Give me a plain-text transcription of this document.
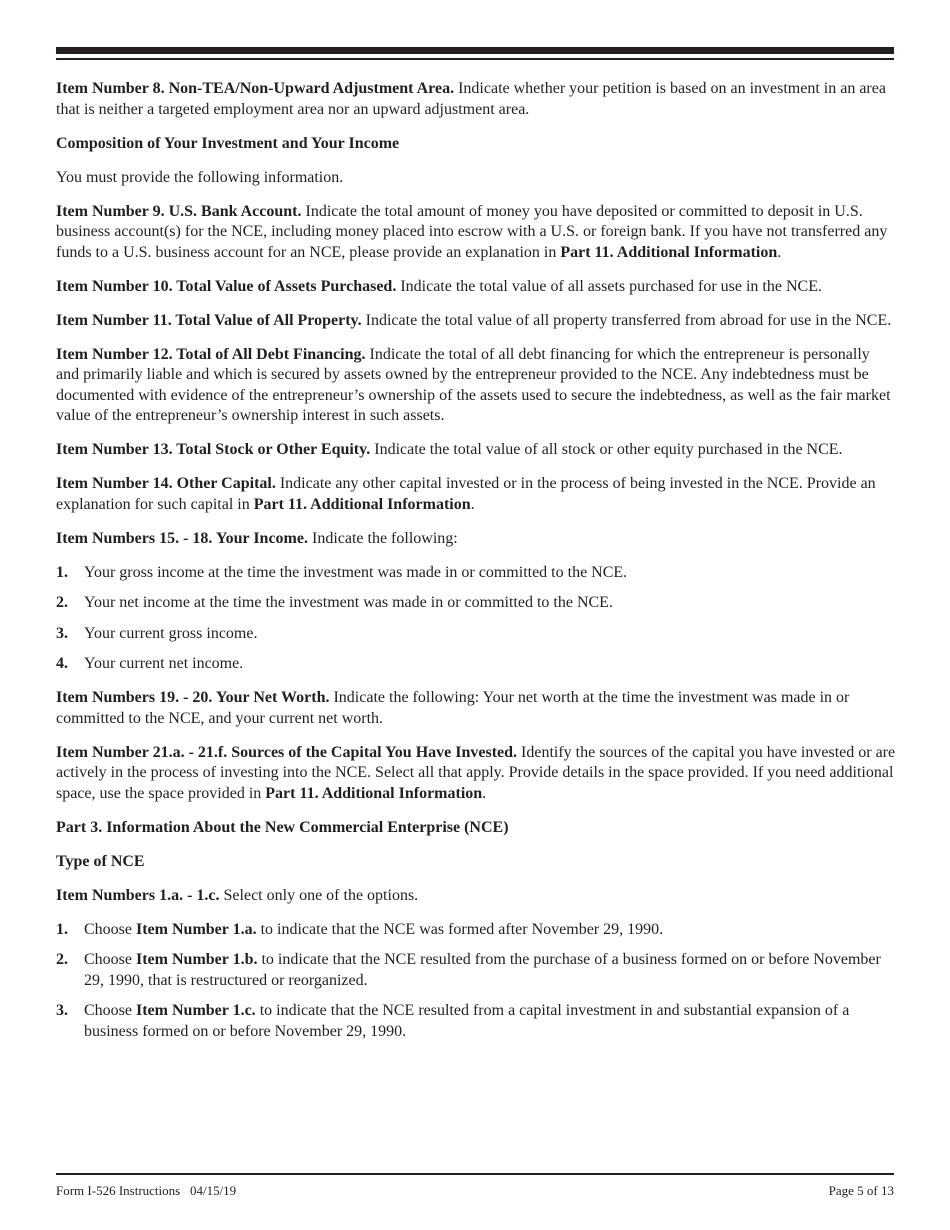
Item Number 8. Non-TEA/Non-Upward Adjustment Area. Indicate whether your petition is based on an investment in an area that is neither a targeted employment area nor an upward adjustment area.

Composition of Your Investment and Your Income

You must provide the following information.

Item Number 9. U.S. Bank Account. Indicate the total amount of money you have deposited or committed to deposit in U.S. business account(s) for the NCE, including money placed into escrow with a U.S. or foreign bank. If you have not transferred any funds to a U.S. business account for an NCE, please provide an explanation in Part 11. Additional Information.

Item Number 10. Total Value of Assets Purchased. Indicate the total value of all assets purchased for use in the NCE.

Item Number 11. Total Value of All Property. Indicate the total value of all property transferred from abroad for use in the NCE.

Item Number 12. Total of All Debt Financing. Indicate the total of all debt financing for which the entrepreneur is personally and primarily liable and which is secured by assets owned by the entrepreneur provided to the NCE. Any indebtedness must be documented with evidence of the entrepreneur’s ownership of the assets used to secure the indebtedness, as well as the fair market value of the entrepreneur’s ownership interest in such assets.

Item Number 13. Total Stock or Other Equity. Indicate the total value of all stock or other equity purchased in the NCE.

Item Number 14. Other Capital. Indicate any other capital invested or in the process of being invested in the NCE. Provide an explanation for such capital in Part 11. Additional Information.

Item Numbers 15. - 18. Your Income. Indicate the following:

1.	Your gross income at the time the investment was made in or committed to the NCE.
2.	Your net income at the time the investment was made in or committed to the NCE.
3.	Your current gross income.
4.	Your current net income.

Item Numbers 19. - 20. Your Net Worth. Indicate the following: Your net worth at the time the investment was made in or committed to the NCE, and your current net worth.

Item Number 21.a. - 21.f. Sources of the Capital You Have Invested. Identify the sources of the capital you have invested or are actively in the process of investing into the NCE. Select all that apply. Provide details in the space provided. If you need additional space, use the space provided in Part 11. Additional Information.

Part 3. Information About the New Commercial Enterprise (NCE)

Type of NCE

Item Numbers 1.a. - 1.c. Select only one of the options.

1.	Choose Item Number 1.a. to indicate that the NCE was formed after November 29, 1990.
2.	Choose Item Number 1.b. to indicate that the NCE resulted from the purchase of a business formed on or before November 29, 1990, that is restructured or reorganized.
3.	Choose Item Number 1.c. to indicate that the NCE resulted from a capital investment in and substantial expansion of a business formed on or before November 29, 1990.
Form I-526 Instructions   04/15/19	Page 5 of 13
